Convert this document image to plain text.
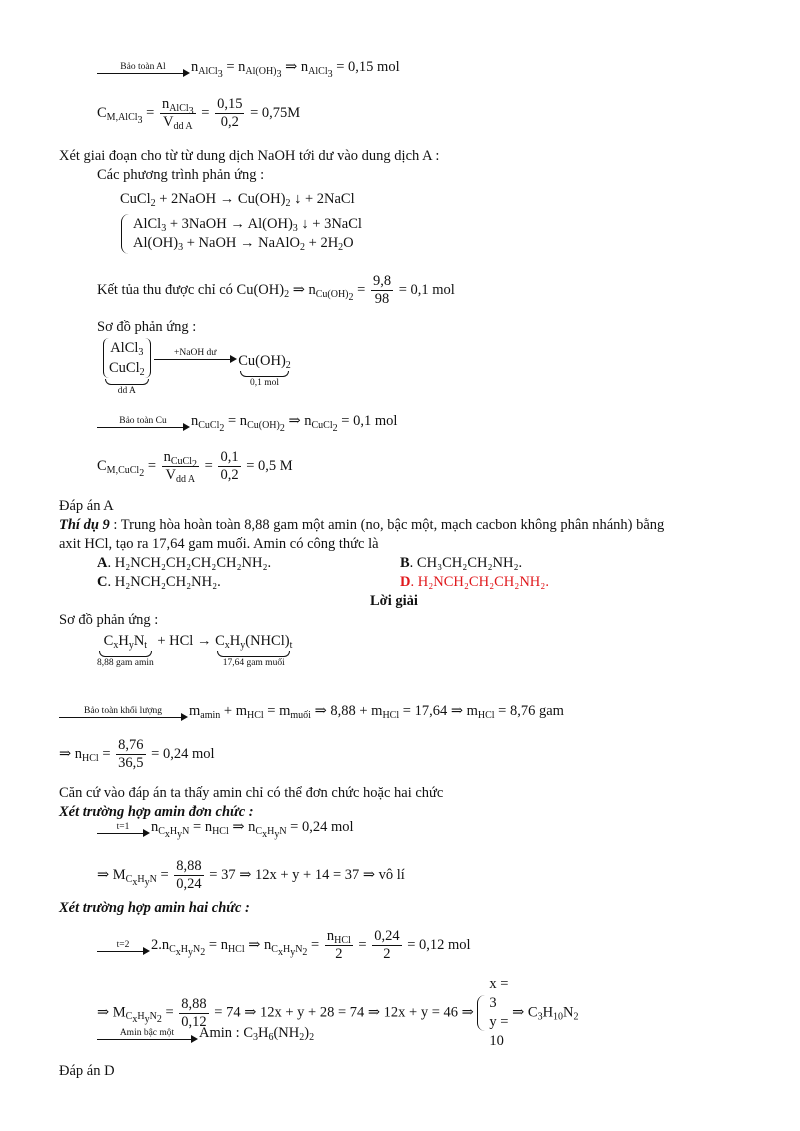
Bảo toàn Al	$n_{AlCl_3} = n_{Al(OH)_3}$ ⇒ $n_{AlCl_3} = 0,15$ mol
$C_{M,AlCl_3} = \frac{n_{AlCl_3}}{V_{dd A}} = \frac{0,15}{0,2} = 0,75M$
Xét giai đoạn cho từ từ dung dịch NaOH tới dư vào dung dịch A :
Các phương trình phản ứng :
CuCl$_2$ + 2NaOH → $Cu(OH)_2$ ↓ + 2NaCl
AlCl$_3$ + 3NaOH → $Al(OH)_3$ ↓ + 3NaCl
$Al(OH)_3$ + NaOH → NaAlO$_2$ + $2H_2O$
Kết tủa thu được chỉ có $Cu(OH)_2$ ⇒ $n_{Cu(OH)_2} = \frac{9,8}{98} = 0,1$ mol
Sơ đồ phản ứng :
AlCl$_3$
CuCl$_2$
dd A

+NaOH dư	$Cu(OH)_2$
0,1 mol
Bảo toàn Cu	$n_{CuCl_2} = n_{Cu(OH)_2}$ ⇒ $n_{CuCl_2} = 0,1$ mol
$C_{M,CuCl_2} = \frac{n_{CuCl_2}}{V_{dd A}} = \frac{0,1}{0,2} = 0,5$ M
Đáp án A
Thí dụ 9 : Trung hòa hoàn toàn 8,88 gam một amin (no, bậc một, mạch cacbon không phân nhánh) bằng
axit HCl, tạo ra 17,64 gam muối. Amin có công thức là
A. H₂NCH₂CH₂CH₂CH₂NH₂.	B. CH₃CH₂CH₂NH₂.
C. H₂NCH₂CH₂NH₂.	D. H₂NCH₂CH₂CH₂NH₂.
Lời giải
Sơ đồ phản ứng :
$C_xH_yN_t$
8,88 gam amin
+ HCl → $C_xH_y(NHCl)_t$
17,64 gam muối
Bảo toàn khối lượng	$m_{amin} + m_{HCl} = m_{muối}$ ⇒ $8,88 + m_{HCl} = 17,64$ ⇒ $m_{HCl} = 8,76$ gam
⇒ $n_{HCl} = \frac{8,76}{36,5} = 0,24$ mol
Căn cứ vào đáp án ta thấy amin chỉ có thể đơn chức hoặc hai chức
Xét trường hợp amin đơn chức :
t=1	$n_{C_xH_yN} = n_{HCl}$ ⇒ $n_{C_xH_yN} = 0,24$ mol
⇒ $M_{C_xH_yN} = \frac{8,88}{0,24} = 37$ ⇒ 12x + y + 14 = 37 ⇒ vô lí
Xét trường hợp amin hai chức :
t=2	$2.n_{C_xH_yN_2} = n_{HCl}$ ⇒ $n_{C_xH_yN_2} = \frac{n_{HCl}}{2} = \frac{0,24}{2} = 0,12$ mol
⇒ $M_{C_xH_yN_2} = \frac{8,88}{0,12} = 74$ ⇒ 12x + y + 28 = 74 ⇒ 12x + y = 46 ⇒
x =
3
y =
10
⇒ $C_3H_{10}N_2$
Amin bậc một	Amin : $C_3H_6(NH_2)_2$
Đáp án D
